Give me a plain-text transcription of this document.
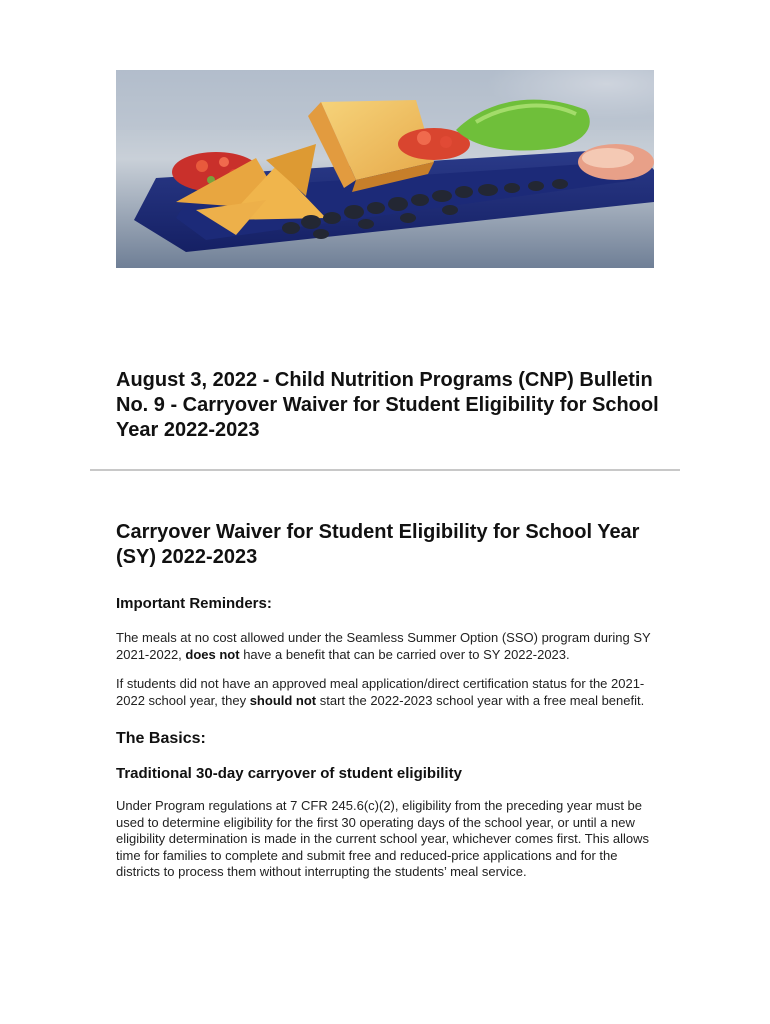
August 3, 2022 - Child Nutrition Programs (CNP) Bulletin No. 9 - Carryover Waiver for Student Eligibility for School Year 2022-2023
Carryover Waiver for Student Eligibility for School Year (SY) 2022-2023
Important Reminders:

The meals at no cost allowed under the Seamless Summer Option (SSO) program during SY 2021-2022, does not have a benefit that can be carried over to SY 2022-2023.

If students did not have an approved meal application/direct certification status for the 2021-2022 school year, they should not start the 2022-2023 school year with a free meal benefit.

The Basics:
Traditional 30-day carryover of student eligibility

Under Program regulations at 7 CFR 245.6(c)(2), eligibility from the preceding year must be used to determine eligibility for the first 30 operating days of the school year, or until a new eligibility determination is made in the current school year, whichever comes first. This allows time for families to complete and submit free and reduced-price applications and for the districts to process them without interrupting the students’ meal service.
